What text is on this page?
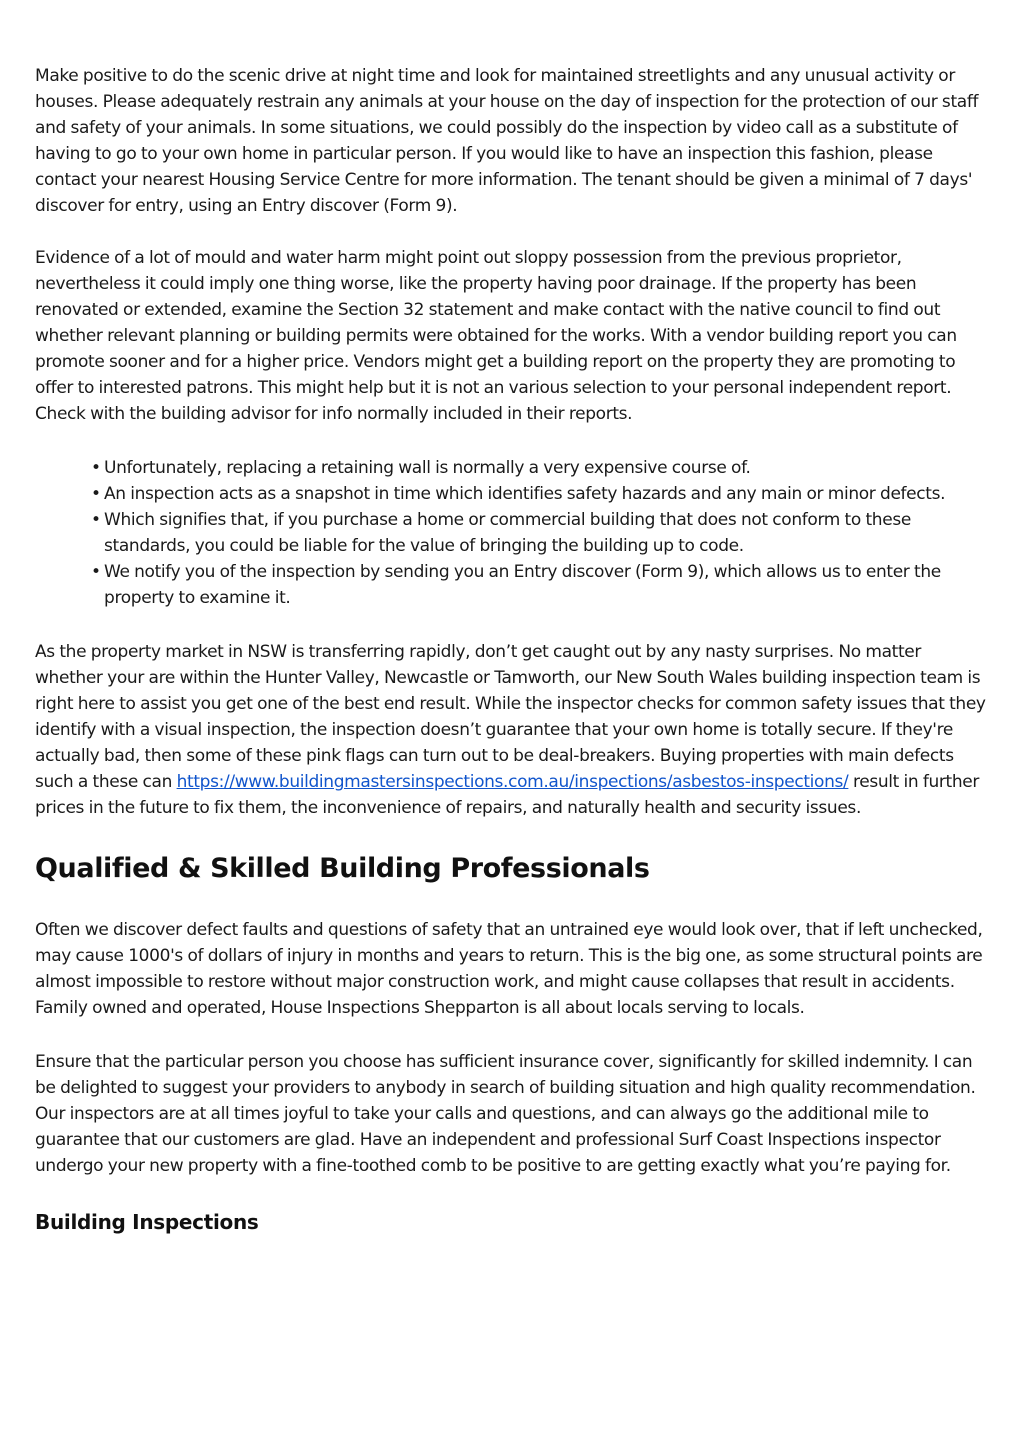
Make positive to do the scenic drive at night time and look for maintained streetlights and any unusual activity or houses. Please adequately restrain any animals at your house on the day of inspection for the protection of our staff and safety of your animals. In some situations, we could possibly do the inspection by video call as a substitute of having to go to your own home in particular person. If you would like to have an inspection this fashion, please contact your nearest Housing Service Centre for more information. The tenant should be given a minimal of 7 days' discover for entry, using an Entry discover (Form 9).

Evidence of a lot of mould and water harm might point out sloppy possession from the previous proprietor, nevertheless it could imply one thing worse, like the property having poor drainage. If the property has been renovated or extended, examine the Section 32 statement and make contact with the native council to find out whether relevant planning or building permits were obtained for the works. With a vendor building report you can promote sooner and for a higher price. Vendors might get a building report on the property they are promoting to offer to interested patrons. This might help but it is not an various selection to your personal independent report. Check with the building advisor for info normally included in their reports.

• Unfortunately, replacing a retaining wall is normally a very expensive course of.
• An inspection acts as a snapshot in time which identifies safety hazards and any main or minor defects.
• Which signifies that, if you purchase a home or commercial building that does not conform to these standards, you could be liable for the value of bringing the building up to code.
• We notify you of the inspection by sending you an Entry discover (Form 9), which allows us to enter the property to examine it.

As the property market in NSW is transferring rapidly, don’t get caught out by any nasty surprises. No matter whether your are within the Hunter Valley, Newcastle or Tamworth, our New South Wales building inspection team is right here to assist you get one of the best end result. While the inspector checks for common safety issues that they identify with a visual inspection, the inspection doesn’t guarantee that your own home is totally secure. If they're actually bad, then some of these pink flags can turn out to be deal-breakers. Buying properties with main defects such a these can https://www.buildingmastersinspections.com.au/inspections/asbestos-inspections/ result in further prices in the future to fix them, the inconvenience of repairs, and naturally health and security issues.

Qualified & Skilled Building Professionals

Often we discover defect faults and questions of safety that an untrained eye would look over, that if left unchecked, may cause 1000's of dollars of injury in months and years to return. This is the big one, as some structural points are almost impossible to restore without major construction work, and might cause collapses that result in accidents. Family owned and operated, House Inspections Shepparton is all about locals serving to locals.

Ensure that the particular person you choose has sufficient insurance cover, significantly for skilled indemnity. I can be delighted to suggest your providers to anybody in search of building situation and high quality recommendation. Our inspectors are at all times joyful to take your calls and questions, and can always go the additional mile to guarantee that our customers are glad. Have an independent and professional Surf Coast Inspections inspector undergo your new property with a fine-toothed comb to be positive to are getting exactly what you’re paying for.

Building Inspections
